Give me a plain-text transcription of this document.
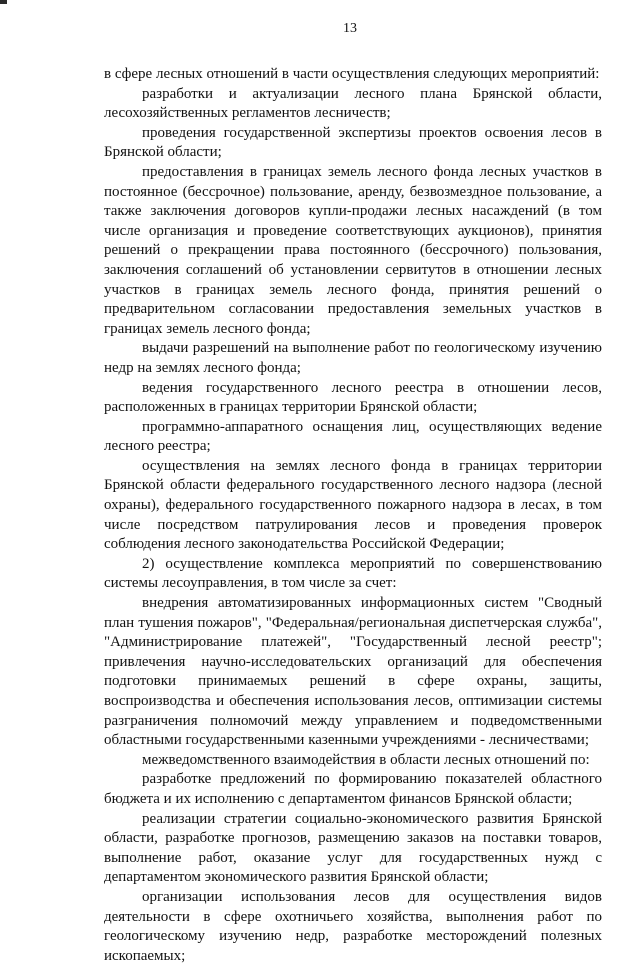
13

в сфере лесных отношений в части осуществления следующих мероприятий:

разработки и актуализации лесного плана Брянской области, лесохозяйственных регламентов лесничеств;

проведения государственной экспертизы проектов освоения лесов в Брянской области;

предоставления в границах земель лесного фонда лесных участков в постоянное (бессрочное) пользование, аренду, безвозмездное пользование, а также заключения договоров купли-продажи лесных насаждений (в том числе организация и проведение соответствующих аукционов), принятия решений о прекращении права постоянного (бессрочного) пользования, заключения соглашений об установлении сервитутов в отношении лесных участков в границах земель лесного фонда, принятия решений о предварительном согласовании предоставления земельных участков в границах земель лесного фонда;

выдачи разрешений на выполнение работ по геологическому изучению недр на землях лесного фонда;

ведения государственного лесного реестра в отношении лесов, расположенных в границах территории Брянской области;

программно-аппаратного оснащения лиц, осуществляющих ведение лесного реестра;

осуществления на землях лесного фонда в границах территории Брянской области федерального государственного лесного надзора (лесной охраны), федерального государственного пожарного надзора в лесах, в том числе посредством патрулирования лесов и проведения проверок соблюдения лесного законодательства Российской Федерации;

2) осуществление комплекса мероприятий по совершенствованию системы лесоуправления, в том числе за счет:

внедрения автоматизированных информационных систем "Сводный план тушения пожаров", "Федеральная/региональная диспетчерская служба", "Администрирование платежей", "Государственный лесной реестр"; привлечения научно-исследовательских организаций для обеспечения подготовки принимаемых решений в сфере охраны, защиты, воспроизводства и обеспечения использования лесов, оптимизации системы разграничения полномочий между управлением и подведомственными областными государственными казенными учреждениями - лесничествами;

межведомственного взаимодействия в области лесных отношений по:

разработке предложений по формированию показателей областного бюджета и их исполнению с департаментом финансов Брянской области;

реализации стратегии социально-экономического развития Брянской области, разработке прогнозов, размещению заказов на поставки товаров, выполнение работ, оказание услуг для государственных нужд с департаментом экономического развития Брянской области;

организации использования лесов для осуществления видов деятельности в сфере охотничьего хозяйства, выполнения работ по геологическому изучению недр, разработке месторождений полезных ископаемых;
